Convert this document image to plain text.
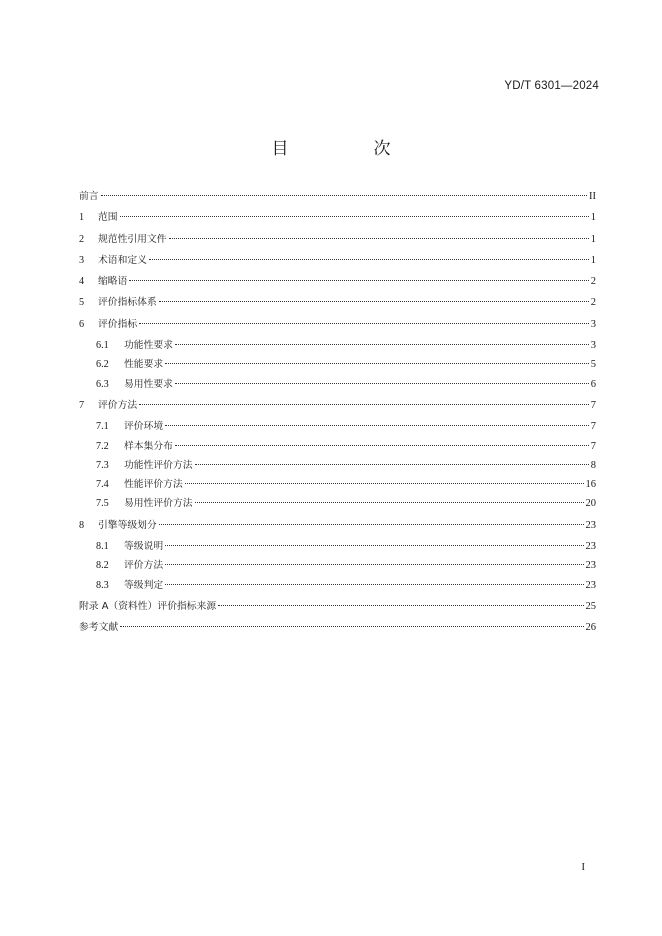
YD/T 6301—2024
目　次
前言	II
1	范围	1
2	规范性引用文件	1
3	术语和定义	1
4	缩略语	2
5	评价指标体系	2
6	评价指标	3
6.1	功能性要求	3
6.2	性能要求	5
6.3	易用性要求	6
7	评价方法	7
7.1	评价环境	7
7.2	样本集分布	7
7.3	功能性评价方法	8
7.4	性能评价方法	16
7.5	易用性评价方法	20
8	引擎等级划分	23
8.1	等级说明	23
8.2	评价方法	23
8.3	等级判定	23
附录 A（资料性）评价指标来源	25
参考文献	26
I
